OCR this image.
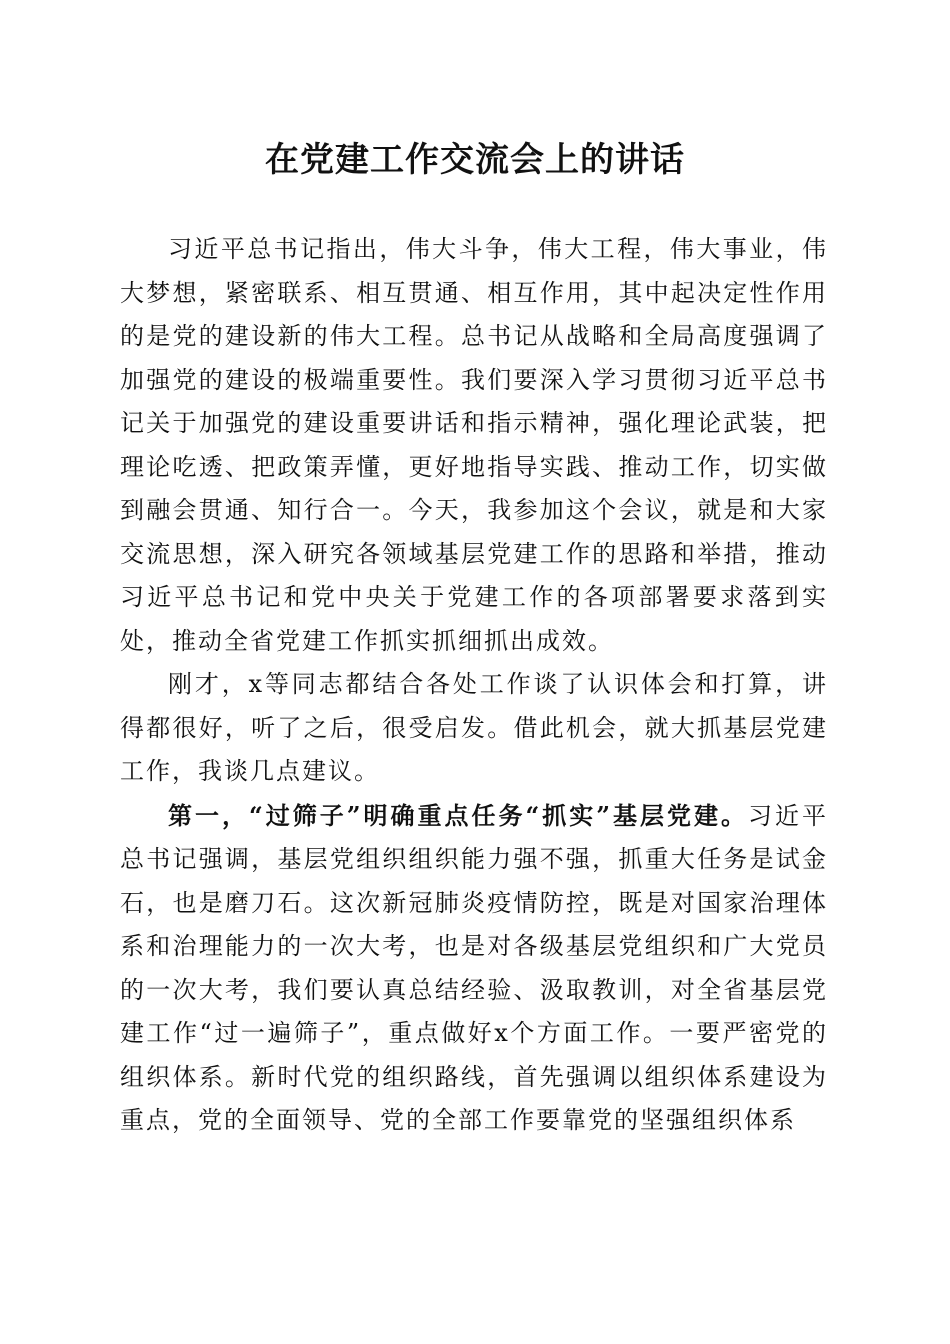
在党建工作交流会上的讲话

习近平总书记指出，伟大斗争，伟大工程，伟大事业，伟大梦想，紧密联系、相互贯通、相互作用，其中起决定性作用的是党的建设新的伟大工程。总书记从战略和全局高度强调了加强党的建设的极端重要性。我们要深入学习贯彻习近平总书记关于加强党的建设重要讲话和指示精神，强化理论武装，把理论吃透、把政策弄懂，更好地指导实践、推动工作，切实做到融会贯通、知行合一。今天，我参加这个会议，就是和大家交流思想，深入研究各领域基层党建工作的思路和举措，推动习近平总书记和党中央关于党建工作的各项部署要求落到实处，推动全省党建工作抓实抓细抓出成效。

刚才，x等同志都结合各处工作谈了认识体会和打算，讲得都很好，听了之后，很受启发。借此机会，就大抓基层党建工作，我谈几点建议。

第一，“过筛子”明确重点任务“抓实”基层党建。习近平总书记强调，基层党组织组织能力强不强，抓重大任务是试金石，也是磨刀石。这次新冠肺炎疫情防控，既是对国家治理体系和治理能力的一次大考，也是对各级基层党组织和广大党员的一次大考，我们要认真总结经验、汲取教训，对全省基层党建工作“过一遍筛子”，重点做好x个方面工作。一要严密党的组织体系。新时代党的组织路线，首先强调以组织体系建设为重点，党的全面领导、党的全部工作要靠党的坚强组织体系
